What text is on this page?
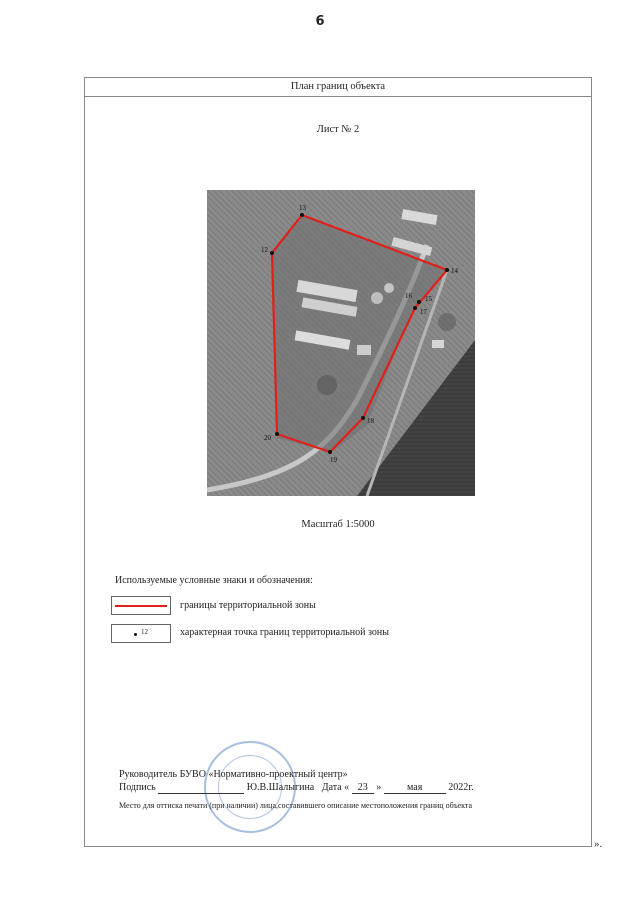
6
План границ объекта
Лист № 2
12
13
14
15
16
17
18
19
20
Масштаб 1:5000
Используемые условные знаки и обозначения:
границы территориальной зоны
12	характерная точка границ территориальной зоны
Руководитель БУВО «Нормативно-проектный центр»
Подпись	Ю.В.Шалыгина Дата « 23 »	мая	2022г.
Место для оттиска печати (при наличии) лица,составившего описание местоположения границ объекта
».
